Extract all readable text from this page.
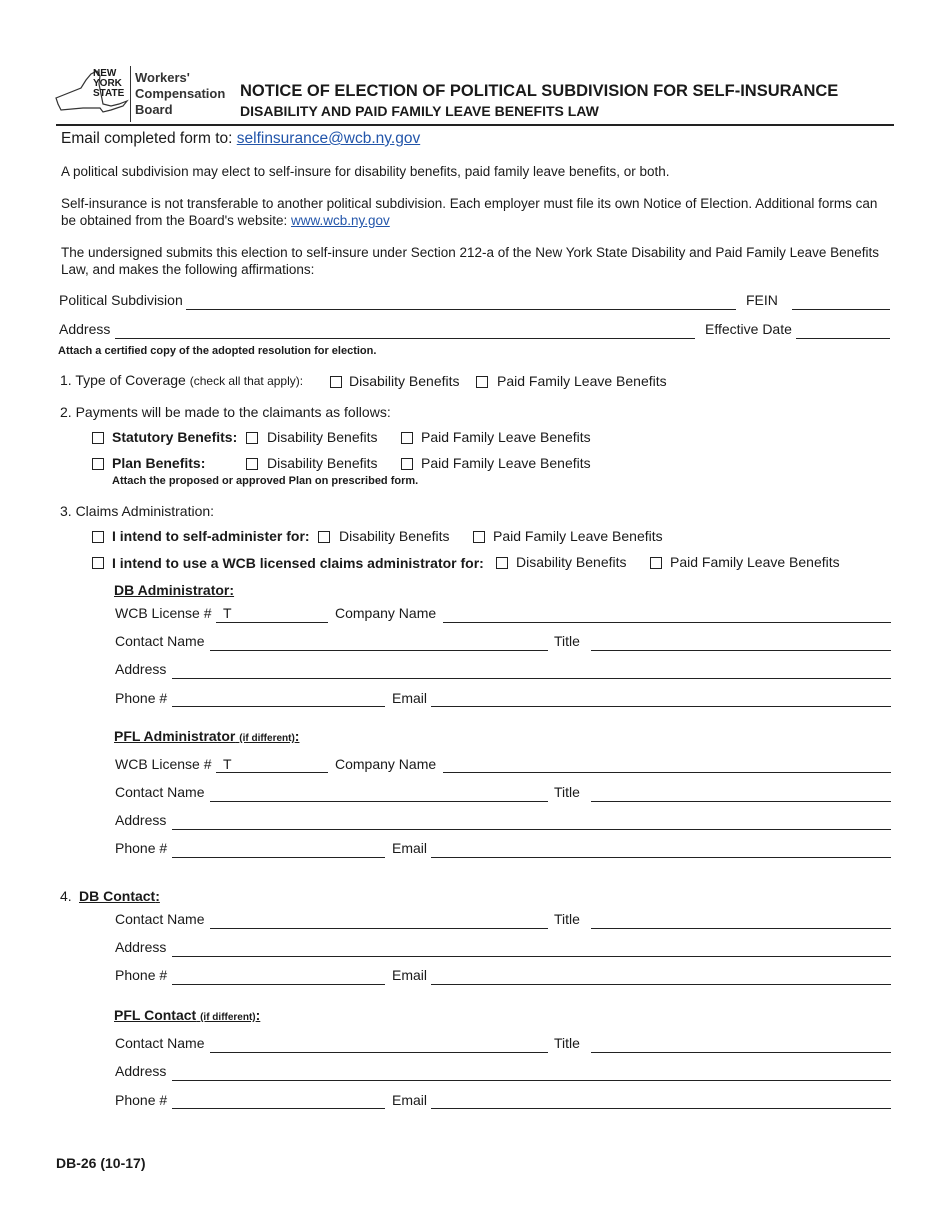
NEW
YORK
STATE
Workers'
Compensation
Board
NOTICE OF ELECTION OF POLITICAL SUBDIVISION FOR SELF-INSURANCE
DISABILITY AND PAID FAMILY LEAVE BENEFITS LAW
Email completed form to: selfinsurance@wcb.ny.gov
A political subdivision may elect to self-insure for disability benefits, paid family leave benefits, or both.
Self-insurance is not transferable to another political subdivision. Each employer must file its own Notice of Election. Additional forms can be obtained from the Board's website: www.wcb.ny.gov
The undersigned submits this election to self-insure under Section 212-a of the New York State Disability and Paid Family Leave Benefits Law, and makes the following affirmations:
Political Subdivision	FEIN
Address	Effective Date
Attach a certified copy of the adopted resolution for election.
1. Type of Coverage (check all that apply):	Disability Benefits	Paid Family Leave Benefits
2. Payments will be made to the claimants as follows:
Statutory Benefits: Disability Benefits	Paid Family Leave Benefits
Plan Benefits:	Disability Benefits	Paid Family Leave Benefits
Attach the proposed or approved Plan on prescribed form.
3. Claims Administration:
I intend to self-administer for: Disability Benefits	Paid Family Leave Benefits
I intend to use a WCB licensed claims administrator for: Disability Benefits	Paid Family Leave Benefits
DB Administrator:
WCB License # T	Company Name
Contact Name	Title
Address
Phone #	Email
PFL Administrator (if different):
WCB License # T	Company Name
Contact Name	Title
Address
Phone #	Email
4. DB Contact:
Contact Name	Title
Address
Phone #	Email
PFL Contact (if different):
Contact Name	Title
Address
Phone #	Email
DB-26 (10-17)
